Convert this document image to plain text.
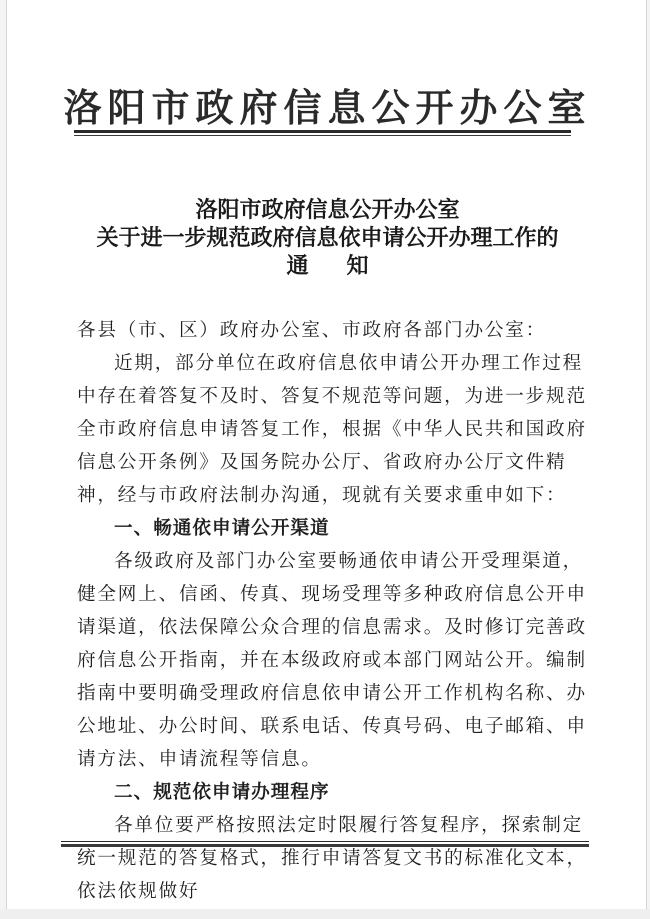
洛阳市政府信息公开办公室
洛阳市政府信息公开办公室
关于进一步规范政府信息依申请公开办理工作的
通知

各县（市、区）政府办公室、市政府各部门办公室：

近期，部分单位在政府信息依申请公开办理工作过程中存在着答复不及时、答复不规范等问题，为进一步规范全市政府信息申请答复工作，根据《中华人民共和国政府信息公开条例》及国务院办公厅、省政府办公厅文件精神，经与市政府法制办沟通，现就有关要求重申如下：

一、畅通依申请公开渠道

各级政府及部门办公室要畅通依申请公开受理渠道，健全网上、信函、传真、现场受理等多种政府信息公开申请渠道，依法保障公众合理的信息需求。及时修订完善政府信息公开指南，并在本级政府或本部门网站公开。编制指南中要明确受理政府信息依申请公开工作机构名称、办公地址、办公时间、联系电话、传真号码、电子邮箱、申请方法、申请流程等信息。

二、规范依申请办理程序

各单位要严格按照法定时限履行答复程序，探索制定统一规范的答复格式，推行申请答复文书的标准化文本，依法依规做好
